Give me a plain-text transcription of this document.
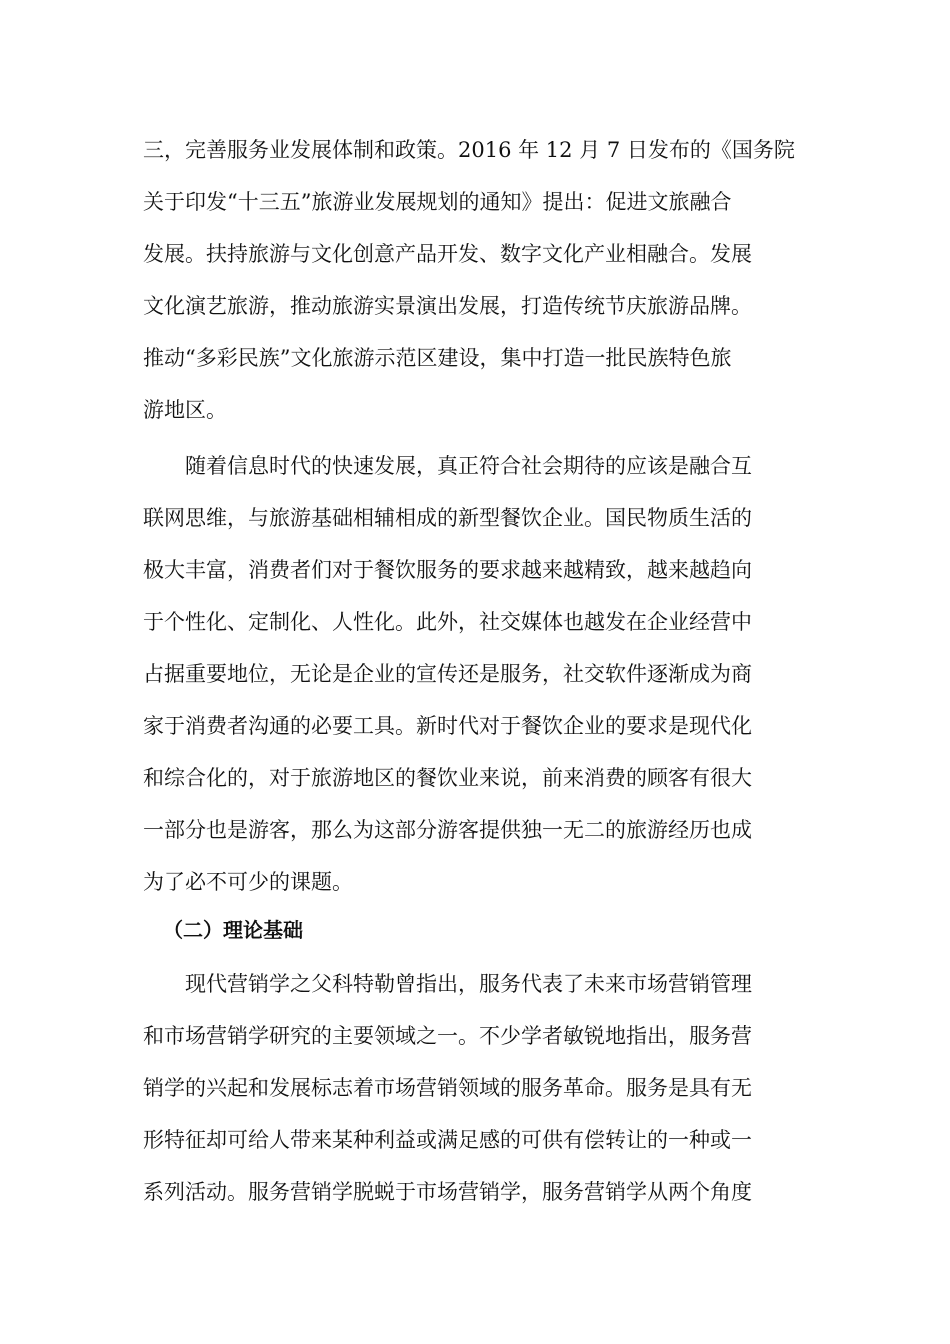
三，完善服务业发展体制和政策。2016 年 12 月 7 日发布的《国务院
关于印发“十三五”旅游业发展规划的通知》提出：促进文旅融合
发展。扶持旅游与文化创意产品开发、数字文化产业相融合。发展
文化演艺旅游，推动旅游实景演出发展，打造传统节庆旅游品牌。
推动“多彩民族”文化旅游示范区建设，集中打造一批民族特色旅
游地区。
随着信息时代的快速发展，真正符合社会期待的应该是融合互
联网思维，与旅游基础相辅相成的新型餐饮企业。国民物质生活的
极大丰富，消费者们对于餐饮服务的要求越来越精致，越来越趋向
于个性化、定制化、人性化。此外，社交媒体也越发在企业经营中
占据重要地位，无论是企业的宣传还是服务，社交软件逐渐成为商
家于消费者沟通的必要工具。新时代对于餐饮企业的要求是现代化
和综合化的，对于旅游地区的餐饮业来说，前来消费的顾客有很大
一部分也是游客，那么为这部分游客提供独一无二的旅游经历也成
为了必不可少的课题。
（二）理论基础
现代营销学之父科特勒曾指出，服务代表了未来市场营销管理
和市场营销学研究的主要领域之一。不少学者敏锐地指出，服务营
销学的兴起和发展标志着市场营销领域的服务革命。服务是具有无
形特征却可给人带来某种利益或满足感的可供有偿转让的一种或一
系列活动。服务营销学脱蜕于市场营销学，服务营销学从两个角度
